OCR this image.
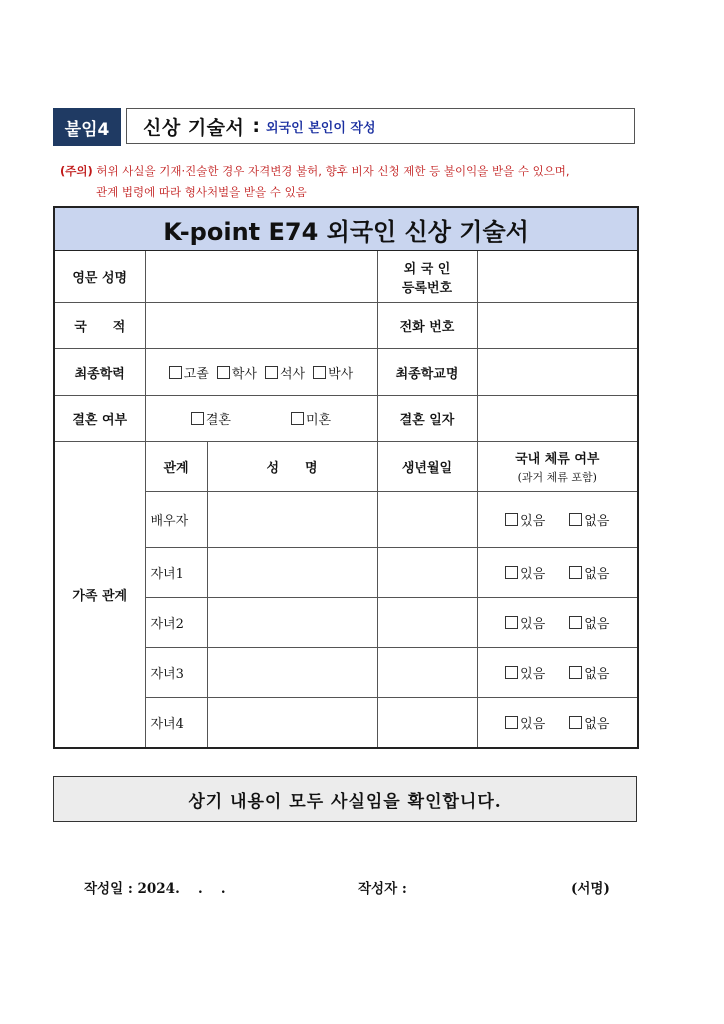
붙임4	신상 기술서 : 외국인 본인이 작성
(주의) 허위 사실을 기재·진술한 경우 자격변경 불허, 향후 비자 신청 제한 등 불이익을 받을 수 있으며,
관계 법령에 따라 형사처벌을 받을 수 있음
K-point E74 외국인 신상 기술서				
영문 성명			외 국 인
등록번호	

국　　적			전화 번호	
최종학력	고졸 학사 석사 박사		최종학교명	
결혼 여부	결혼 미혼		결혼 일자	
가족 관계	관계	성　　명	생년월일	국내 체류 여부
(과거 체류 포함)

	배우자			있음 없음
	자녀1			있음 없음
	자녀2			있음 없음
	자녀3			있음 없음
	자녀4			있음 없음
상기 내용이 모두 사실임을 확인합니다.
작성일 : 2024.　 .　 .	작성자 :	(서명)
